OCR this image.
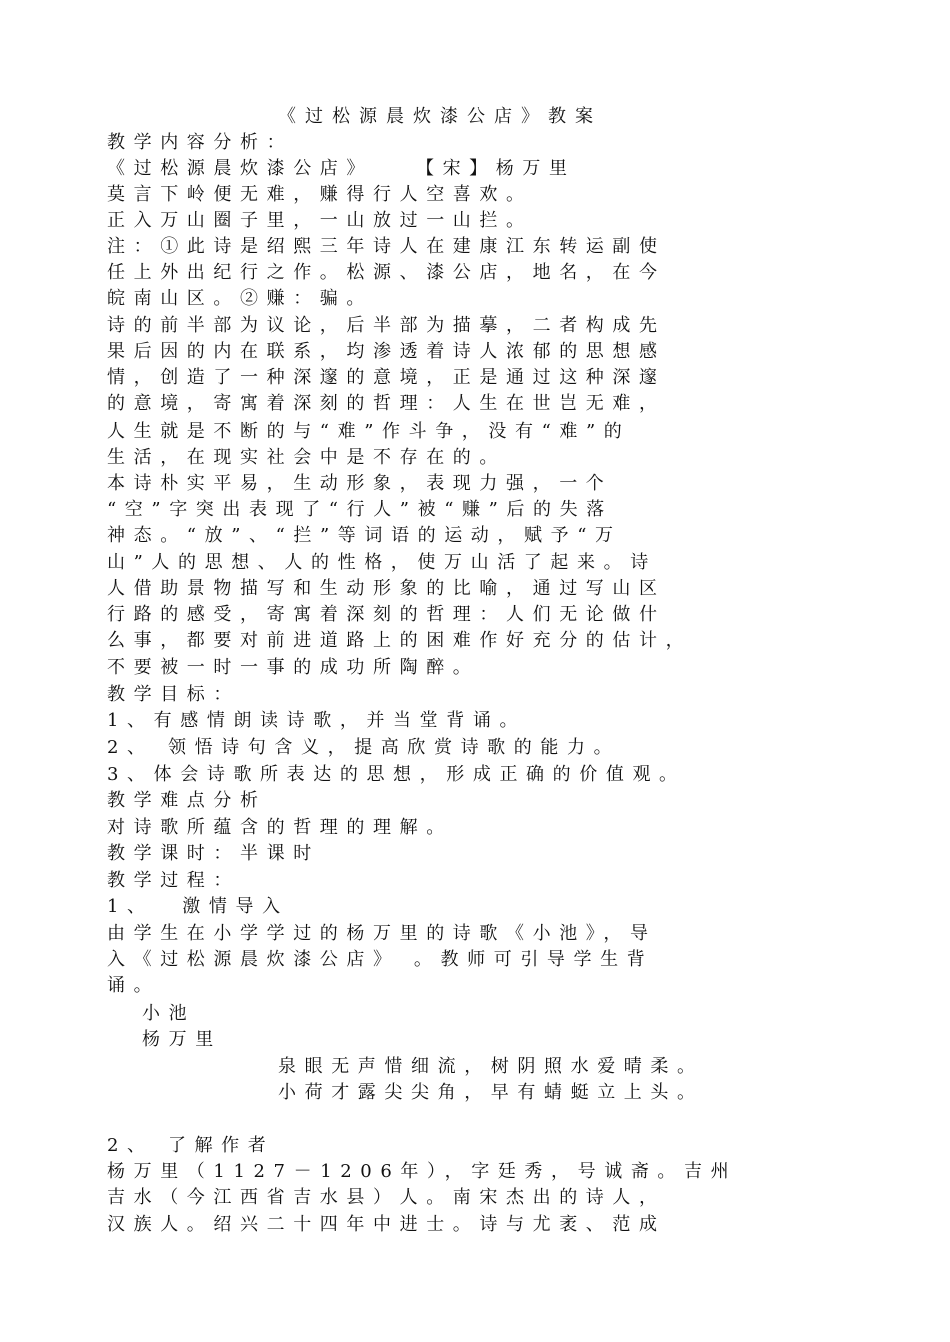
《过松源晨炊漆公店》教案
教学内容分析：
《过松源晨炊漆公店》   【宋】杨万里
莫言下岭便无难，赚得行人空喜欢。
正入万山圈子里，一山放过一山拦。
注：①此诗是绍熙三年诗人在建康江东转运副使
任上外出纪行之作。松源、漆公店，地名，在今
皖南山区。②赚：骗。
诗的前半部为议论，后半部为描摹，二者构成先
果后因的内在联系，均渗透着诗人浓郁的思想感
情，创造了一种深邃的意境，正是通过这种深邃
的意境，寄寓着深刻的哲理：人生在世岂无难，
人生就是不断的与“难”作斗争，没有“难”的
生活，在现实社会中是不存在的。
本诗朴实平易，生动形象，表现力强，一个
“空”字突出表现了“行人”被“赚”后的失落
神态。“放”、“拦”等词语的运动，赋予“万
山”人的思想、人的性格，使万山活了起来。诗
人借助景物描写和生动形象的比喻，通过写山区
行路的感受，寄寓着深刻的哲理：人们无论做什
么事，都要对前进道路上的困难作好充分的估计，
不要被一时一事的成功所陶醉。
教学目标：
1、有感情朗读诗歌，并当堂背诵。
2、 领悟诗句含义，提高欣赏诗歌的能力。
3、体会诗歌所表达的思想，形成正确的价值观。
教学难点分析
对诗歌所蕴含的哲理的理解。
教学课时：半课时
教学过程：
1、  激情导入
由学生在小学学过的杨万里的诗歌《小池》，导
入《过松源晨炊漆公店》 。教师可引导学生背
诵。
小池
杨万里
泉眼无声惜细流，树阴照水爱晴柔。
小荷才露尖尖角，早有蜻蜓立上头。
2、 了解作者
杨万里（1127－1206年），字廷秀，号诚斋。吉州
吉水（今江西省吉水县）人。南宋杰出的诗人，
汉族人。绍兴二十四年中进士。诗与尤袤、范成
